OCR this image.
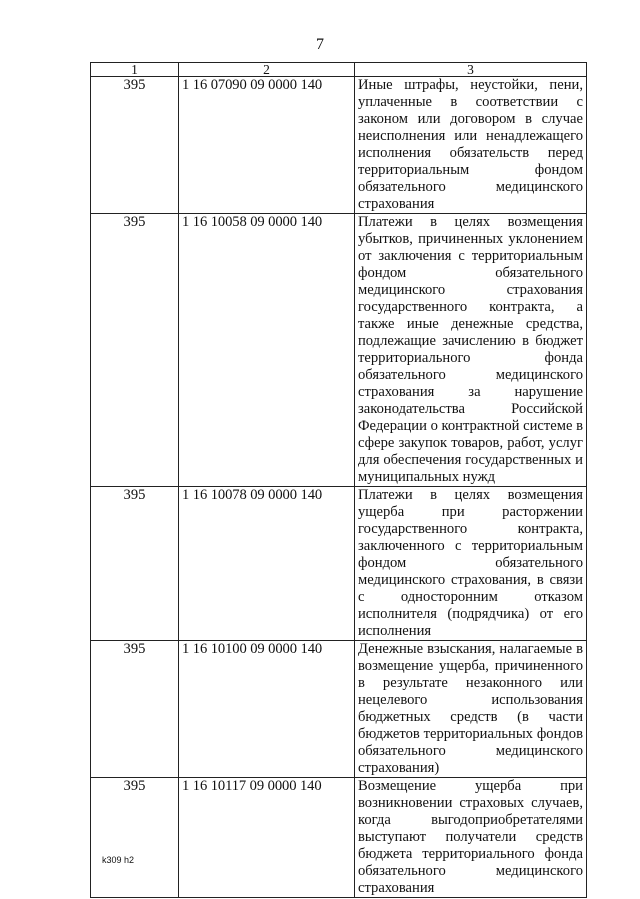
7
1	2	3
395	1 16 07090 09 0000 140	Иные штрафы, неустойки, пени, уплаченные в соответствии с законом или договором в случае неисполнения или ненадлежащего исполнения обязательств перед территориальным фондом обязательного медицинского страхования
395	1 16 10058 09 0000 140	Платежи в целях возмещения убытков, причиненных уклонением от заключения с территориальным фондом обязательного медицинского страхования государственного контракта, а также иные денежные средства, подлежащие зачислению в бюджет территориального фонда обязательного медицинского страхования за нарушение законодательства Российской Федерации о контрактной системе в сфере закупок товаров, работ, услуг для обеспечения государственных и муниципальных нужд
395	1 16 10078 09 0000 140	Платежи в целях возмещения ущерба при расторжении государственного контракта, заключенного с территориальным фондом обязательного медицинского страхования, в связи с односторонним отказом исполнителя (подрядчика) от его исполнения
395	1 16 10100 09 0000 140	Денежные взыскания, налагаемые в возмещение ущерба, причиненного в результате незаконного или нецелевого использования бюджетных средств (в части бюджетов территориальных фондов обязательного медицинского страхования)
395	1 16 10117 09 0000 140	Возмещение ущерба при возникновении страховых случаев, когда выгодоприобретателями выступают получатели средств бюджета территориального фонда обязательного медицинского страхования
k309 h2
